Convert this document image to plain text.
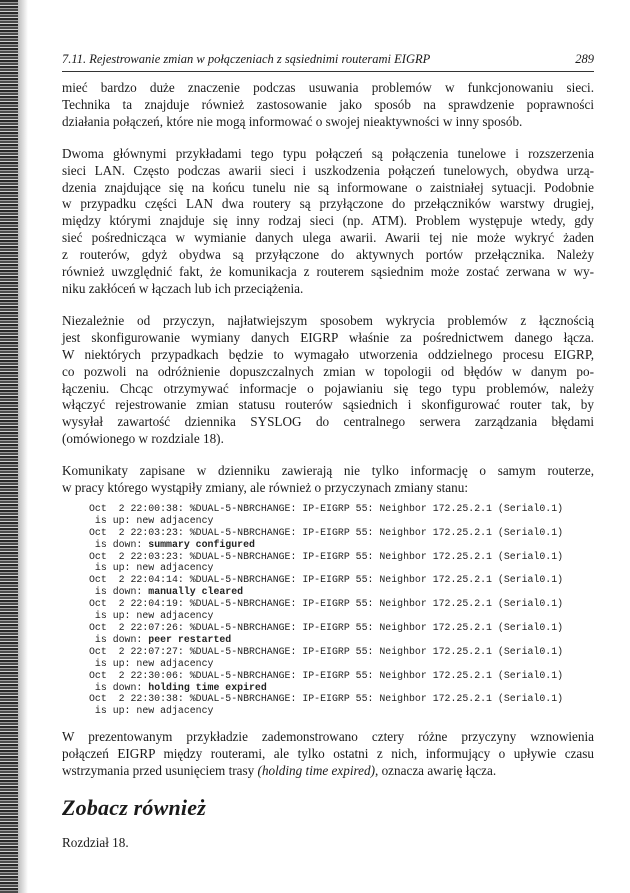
7.11. Rejestrowanie zmian w połączeniach z sąsiednimi routerami EIGRP	289

mieć bardzo duże znaczenie podczas usuwania problemów w funkcjonowaniu sieci.
Technika ta znajduje również zastosowanie jako sposób na sprawdzenie poprawności
działania połączeń, które nie mogą informować o swojej nieaktywności w inny sposób.

Dwoma głównymi przykładami tego typu połączeń są połączenia tunelowe i rozszerzenia
sieci LAN. Często podczas awarii sieci i uszkodzenia połączeń tunelowych, obydwa urzą-
dzenia znajdujące się na końcu tunelu nie są informowane o zaistniałej sytuacji. Podobnie
w przypadku części LAN dwa routery są przyłączone do przełączników warstwy drugiej,
między którymi znajduje się inny rodzaj sieci (np. ATM). Problem występuje wtedy, gdy
sieć pośrednicząca w wymianie danych ulega awarii. Awarii tej nie może wykryć żaden
z routerów, gdyż obydwa są przyłączone do aktywnych portów przełącznika. Należy
również uwzględnić fakt, że komunikacja z routerem sąsiednim może zostać zerwana w wy-
niku zakłóceń w łączach lub ich przeciążenia.

Niezależnie od przyczyn, najłatwiejszym sposobem wykrycia problemów z łącznością
jest skonfigurowanie wymiany danych EIGRP właśnie za pośrednictwem danego łącza.
W niektórych przypadkach będzie to wymagało utworzenia oddzielnego procesu EIGRP,
co pozwoli na odróżnienie dopuszczalnych zmian w topologii od błędów w danym po-
łączeniu. Chcąc otrzymywać informacje o pojawianiu się tego typu problemów, należy
włączyć rejestrowanie zmian statusu routerów sąsiednich i skonfigurować router tak, by
wysyłał zawartość dziennika SYSLOG do centralnego serwera zarządzania błędami
(omówionego w rozdziale 18).

Komunikaty zapisane w dzienniku zawierają nie tylko informację o samym routerze,
w pracy którego wystąpiły zmiany, ale również o przyczynach zmiany stanu:

Oct  2 22:00:38: %DUAL-5-NBRCHANGE: IP-EIGRP 55: Neighbor 172.25.2.1 (Serial0.1)
is up: new adjacency
Oct  2 22:03:23: %DUAL-5-NBRCHANGE: IP-EIGRP 55: Neighbor 172.25.2.1 (Serial0.1)
is down: summary configured
Oct  2 22:03:23: %DUAL-5-NBRCHANGE: IP-EIGRP 55: Neighbor 172.25.2.1 (Serial0.1)
is up: new adjacency
Oct  2 22:04:14: %DUAL-5-NBRCHANGE: IP-EIGRP 55: Neighbor 172.25.2.1 (Serial0.1)
is down: manually cleared
Oct  2 22:04:19: %DUAL-5-NBRCHANGE: IP-EIGRP 55: Neighbor 172.25.2.1 (Serial0.1)
is up: new adjacency
Oct  2 22:07:26: %DUAL-5-NBRCHANGE: IP-EIGRP 55: Neighbor 172.25.2.1 (Serial0.1)
is down: peer restarted
Oct  2 22:07:27: %DUAL-5-NBRCHANGE: IP-EIGRP 55: Neighbor 172.25.2.1 (Serial0.1)
is up: new adjacency
Oct  2 22:30:06: %DUAL-5-NBRCHANGE: IP-EIGRP 55: Neighbor 172.25.2.1 (Serial0.1)
is down: holding time expired
Oct  2 22:30:38: %DUAL-5-NBRCHANGE: IP-EIGRP 55: Neighbor 172.25.2.1 (Serial0.1)
is up: new adjacency

W prezentowanym przykładzie zademonstrowano cztery różne przyczyny wznowienia
połączeń EIGRP między routerami, ale tylko ostatni z nich, informujący o upływie czasu
wstrzymania przed usunięciem trasy (holding time expired), oznacza awarię łącza.

Zobacz również
Rozdział 18.
